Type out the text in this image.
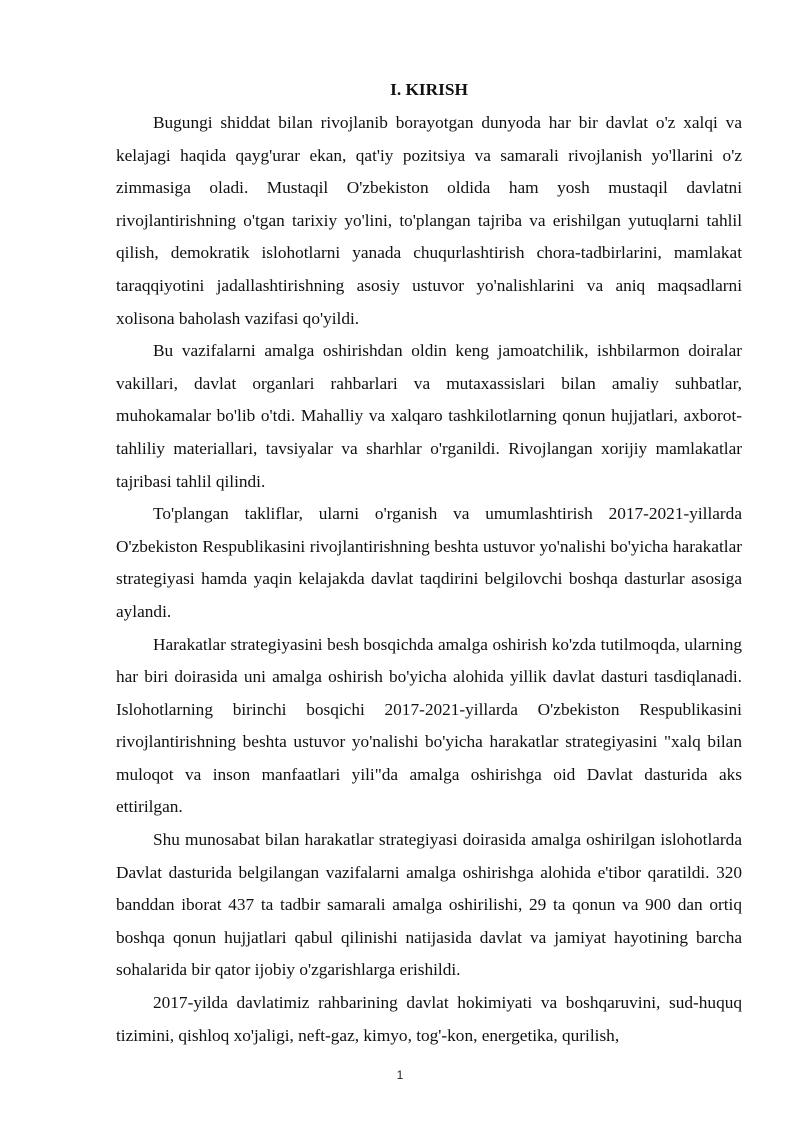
I. KIRISH

Bugungi shiddat bilan rivojlanib borayotgan dunyoda har bir davlat o'z xalqi va kelajagi haqida qayg'urar ekan, qat'iy pozitsiya va samarali rivojlanish yo'llarini o'z zimmasiga oladi. Mustaqil O'zbekiston oldida ham yosh mustaqil davlatni rivojlantirishning o'tgan tarixiy yo'lini, to'plangan tajriba va erishilgan yutuqlarni tahlil qilish, demokratik islohotlarni yanada chuqurlashtirish chora-tadbirlarini, mamlakat taraqqiyotini jadallashtirishning asosiy ustuvor yo'nalishlarini va aniq maqsadlarni xolisona baholash vazifasi qo'yildi.

Bu vazifalarni amalga oshirishdan oldin keng jamoatchilik, ishbilarmon doiralar vakillari, davlat organlari rahbarlari va mutaxassislari bilan amaliy suhbatlar, muhokamalar bo'lib o'tdi. Mahalliy va xalqaro tashkilotlarning qonun hujjatlari, axborot-tahliliy materiallari, tavsiyalar va sharhlar o'rganildi. Rivojlangan xorijiy mamlakatlar tajribasi tahlil qilindi.

To'plangan takliflar, ularni o'rganish va umumlashtirish 2017-2021-yillarda O'zbekiston Respublikasini rivojlantirishning beshta ustuvor yo'nalishi bo'yicha harakatlar strategiyasi hamda yaqin kelajakda davlat taqdirini belgilovchi boshqa dasturlar asosiga aylandi.

Harakatlar strategiyasini besh bosqichda amalga oshirish ko'zda tutilmoqda, ularning har biri doirasida uni amalga oshirish bo'yicha alohida yillik davlat dasturi tasdiqlanadi. Islohotlarning birinchi bosqichi 2017-2021-yillarda O'zbekiston Respublikasini rivojlantirishning beshta ustuvor yo'nalishi bo'yicha harakatlar strategiyasini "xalq bilan muloqot va inson manfaatlari yili"da amalga oshirishga oid Davlat dasturida aks ettirilgan.

Shu munosabat bilan harakatlar strategiyasi doirasida amalga oshirilgan islohotlarda Davlat dasturida belgilangan vazifalarni amalga oshirishga alohida e'tibor qaratildi. 320 banddan iborat 437 ta tadbir samarali amalga oshirilishi, 29 ta qonun va 900 dan ortiq boshqa qonun hujjatlari qabul qilinishi natijasida davlat va jamiyat hayotining barcha sohalarida bir qator ijobiy o'zgarishlarga erishildi.

2017-yilda davlatimiz rahbarining davlat hokimiyati va boshqaruvini, sud-huquq tizimini, qishloq xo'jaligi, neft-gaz, kimyo, tog'-kon, energetika, qurilish,

1
